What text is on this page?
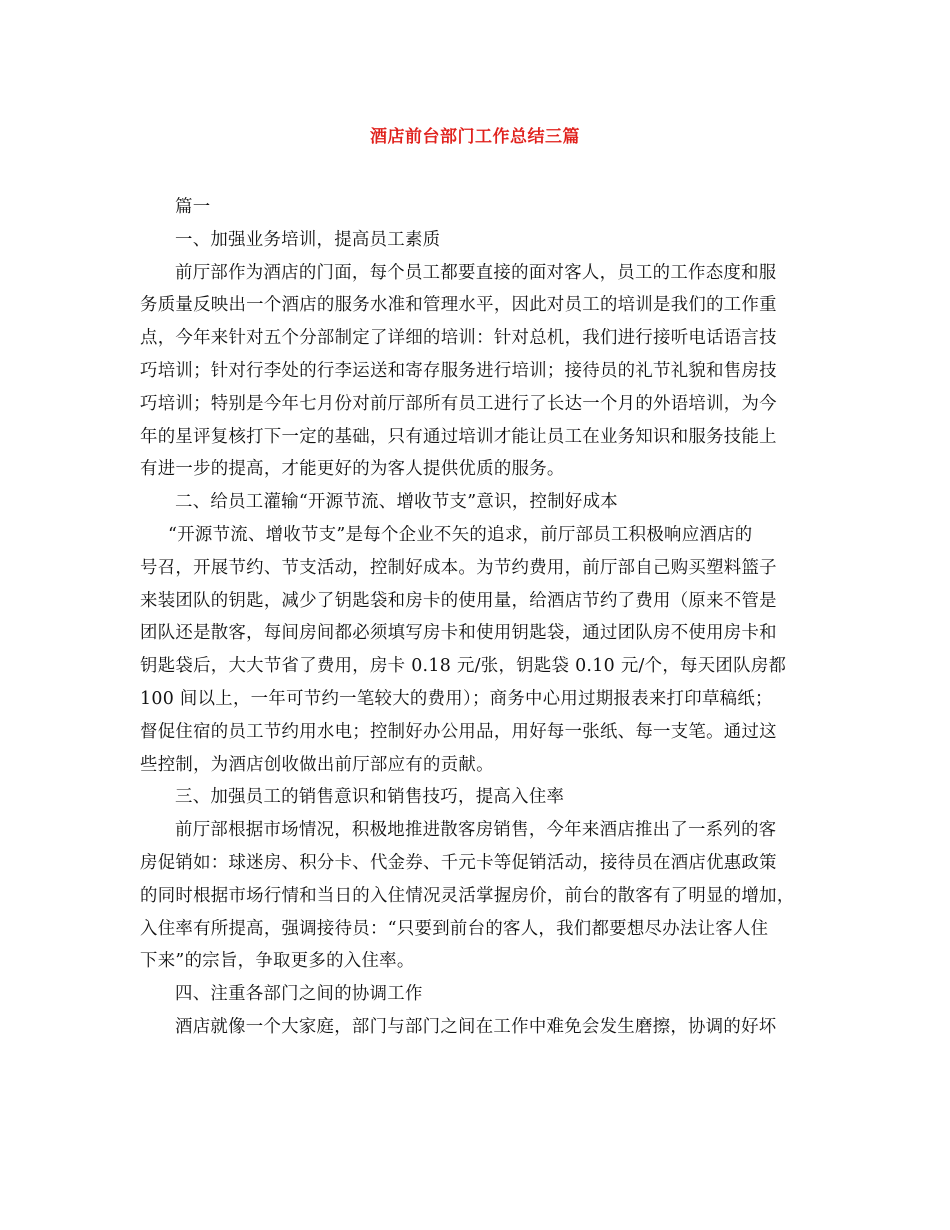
酒店前台部门工作总结三篇
篇一
一、加强业务培训，提高员工素质
前厅部作为酒店的门面，每个员工都要直接的面对客人，员工的工作态度和服
务质量反映出一个酒店的服务水准和管理水平，因此对员工的培训是我们的工作重
点，今年来针对五个分部制定了详细的培训：针对总机，我们进行接听电话语言技
巧培训；针对行李处的行李运送和寄存服务进行培训；接待员的礼节礼貌和售房技
巧培训；特别是今年七月份对前厅部所有员工进行了长达一个月的外语培训，为今
年的星评复核打下一定的基础，只有通过培训才能让员工在业务知识和服务技能上
有进一步的提高，才能更好的为客人提供优质的服务。
二、给员工灌输“开源节流、增收节支”意识，控制好成本
“开源节流、增收节支”是每个企业不矢的追求，前厅部员工积极响应酒店的
号召，开展节约、节支活动，控制好成本。为节约费用，前厅部自己购买塑料篮子
来装团队的钥匙，减少了钥匙袋和房卡的使用量，给酒店节约了费用（原来不管是
团队还是散客，每间房间都必须填写房卡和使用钥匙袋，通过团队房不使用房卡和
钥匙袋后，大大节省了费用，房卡 0.18 元/张，钥匙袋 0.10 元/个，每天团队房都
100 间以上，一年可节约一笔较大的费用）；商务中心用过期报表来打印草稿纸；
督促住宿的员工节约用水电；控制好办公用品，用好每一张纸、每一支笔。通过这
些控制，为酒店创收做出前厅部应有的贡献。
三、加强员工的销售意识和销售技巧，提高入住率
前厅部根据市场情况，积极地推进散客房销售，今年来酒店推出了一系列的客
房促销如：球迷房、积分卡、代金券、千元卡等促销活动，接待员在酒店优惠政策
的同时根据市场行情和当日的入住情况灵活掌握房价，前台的散客有了明显的增加，
入住率有所提高，强调接待员：“只要到前台的客人，我们都要想尽办法让客人住
下来”的宗旨，争取更多的入住率。
四、注重各部门之间的协调工作
酒店就像一个大家庭，部门与部门之间在工作中难免会发生磨擦，协调的好坏
